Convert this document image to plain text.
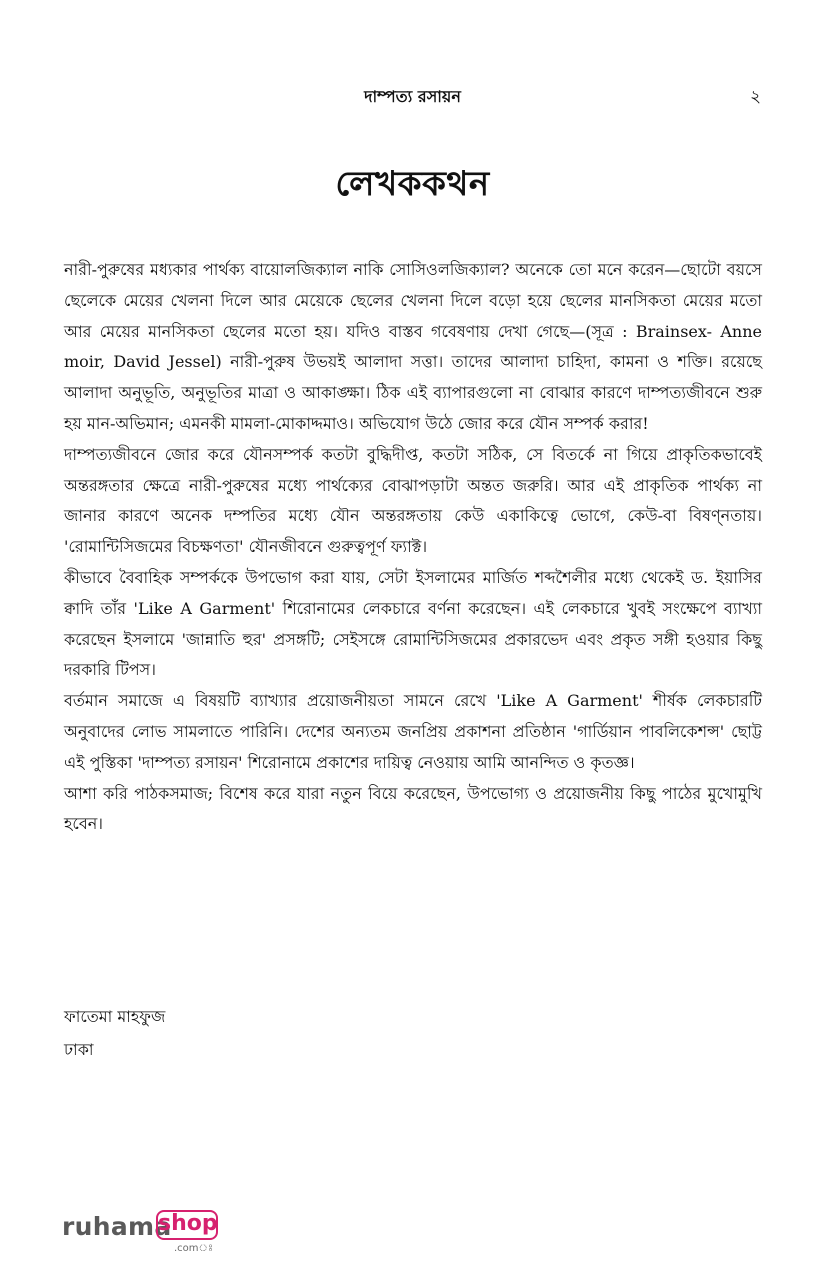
দাম্পত্য রসায়ন	২
লেখককথন

নারী-পুরুষের মধ্যকার পার্থক্য বায়োলজিক্যাল নাকি সোসিওলজিক্যাল? অনেকে তো মনে করেন—ছোটো বয়সে ছেলেকে মেয়ের খেলনা দিলে আর মেয়েকে ছেলের খেলনা দিলে বড়ো হয়ে ছেলের মানসিকতা মেয়ের মতো আর মেয়ের মানসিকতা ছেলের মতো হয়। যদিও বাস্তব গবেষণায় দেখা গেছে—(সূত্র : Brainsex- Anne moir, David Jessel) নারী-পুরুষ উভয়ই আলাদা সত্তা। তাদের আলাদা চাহিদা, কামনা ও শক্তি। রয়েছে আলাদা অনুভূতি, অনুভূতির মাত্রা ও আকাঙ্ক্ষা। ঠিক এই ব্যাপারগুলো না বোঝার কারণে দাম্পত্যজীবনে শুরু হয় মান-অভিমান; এমনকী মামলা-মোকাদ্দমাও। অভিযোগ উঠে জোর করে যৌন সম্পর্ক করার!

দাম্পত্যজীবনে জোর করে যৌনসম্পর্ক কতটা বুদ্ধিদীপ্ত, কতটা সঠিক, সে বিতর্কে না গিয়ে প্রাকৃতিকভাবেই অন্তরঙ্গতার ক্ষেত্রে নারী-পুরুষের মধ্যে পার্থক্যের বোঝাপড়াটা অন্তত জরুরি। আর এই প্রাকৃতিক পার্থক্য না জানার কারণে অনেক দম্পতির মধ্যে যৌন অন্তরঙ্গতায় কেউ একাকিত্বে ভোগে, কেউ-বা বিষণ্নতায়। 'রোমান্টিসিজমের বিচক্ষণতা' যৌনজীবনে গুরুত্বপূর্ণ ফ্যাক্ট।

কীভাবে বৈবাহিক সম্পর্ককে উপভোগ করা যায়, সেটা ইসলামের মার্জিত শব্দশৈলীর মধ্যে থেকেই ড. ইয়াসির ক্বাদি তাঁর 'Like A Garment' শিরোনামের লেকচারে বর্ণনা করেছেন। এই লেকচারে খুবই সংক্ষেপে ব্যাখ্যা করেছেন ইসলামে 'জান্নাতি হুর' প্রসঙ্গটি; সেইসঙ্গে রোমান্টিসিজমের প্রকারভেদ এবং প্রকৃত সঙ্গী হওয়ার কিছু দরকারি টিপস।

বর্তমান সমাজে এ বিষয়টি ব্যাখ্যার প্রয়োজনীয়তা সামনে রেখে 'Like A Garment' শীর্ষক লেকচারটি অনুবাদের লোভ সামলাতে পারিনি। দেশের অন্যতম জনপ্রিয় প্রকাশনা প্রতিষ্ঠান 'গার্ডিয়ান পাবলিকেশন্স' ছোট্ট এই পুস্তিকা 'দাম্পত্য রসায়ন' শিরোনামে প্রকাশের দায়িত্ব নেওয়ায় আমি আনন্দিত ও কৃতজ্ঞ।

আশা করি পাঠকসমাজ; বিশেষ করে যারা নতুন বিয়ে করেছেন, উপভোগ্য ও প্রয়োজনীয় কিছু পাঠের মুখোমুখি হবেন।

ফাতেমা মাহফুজ
ঢাকা
ruhama
shop
.comঃ
